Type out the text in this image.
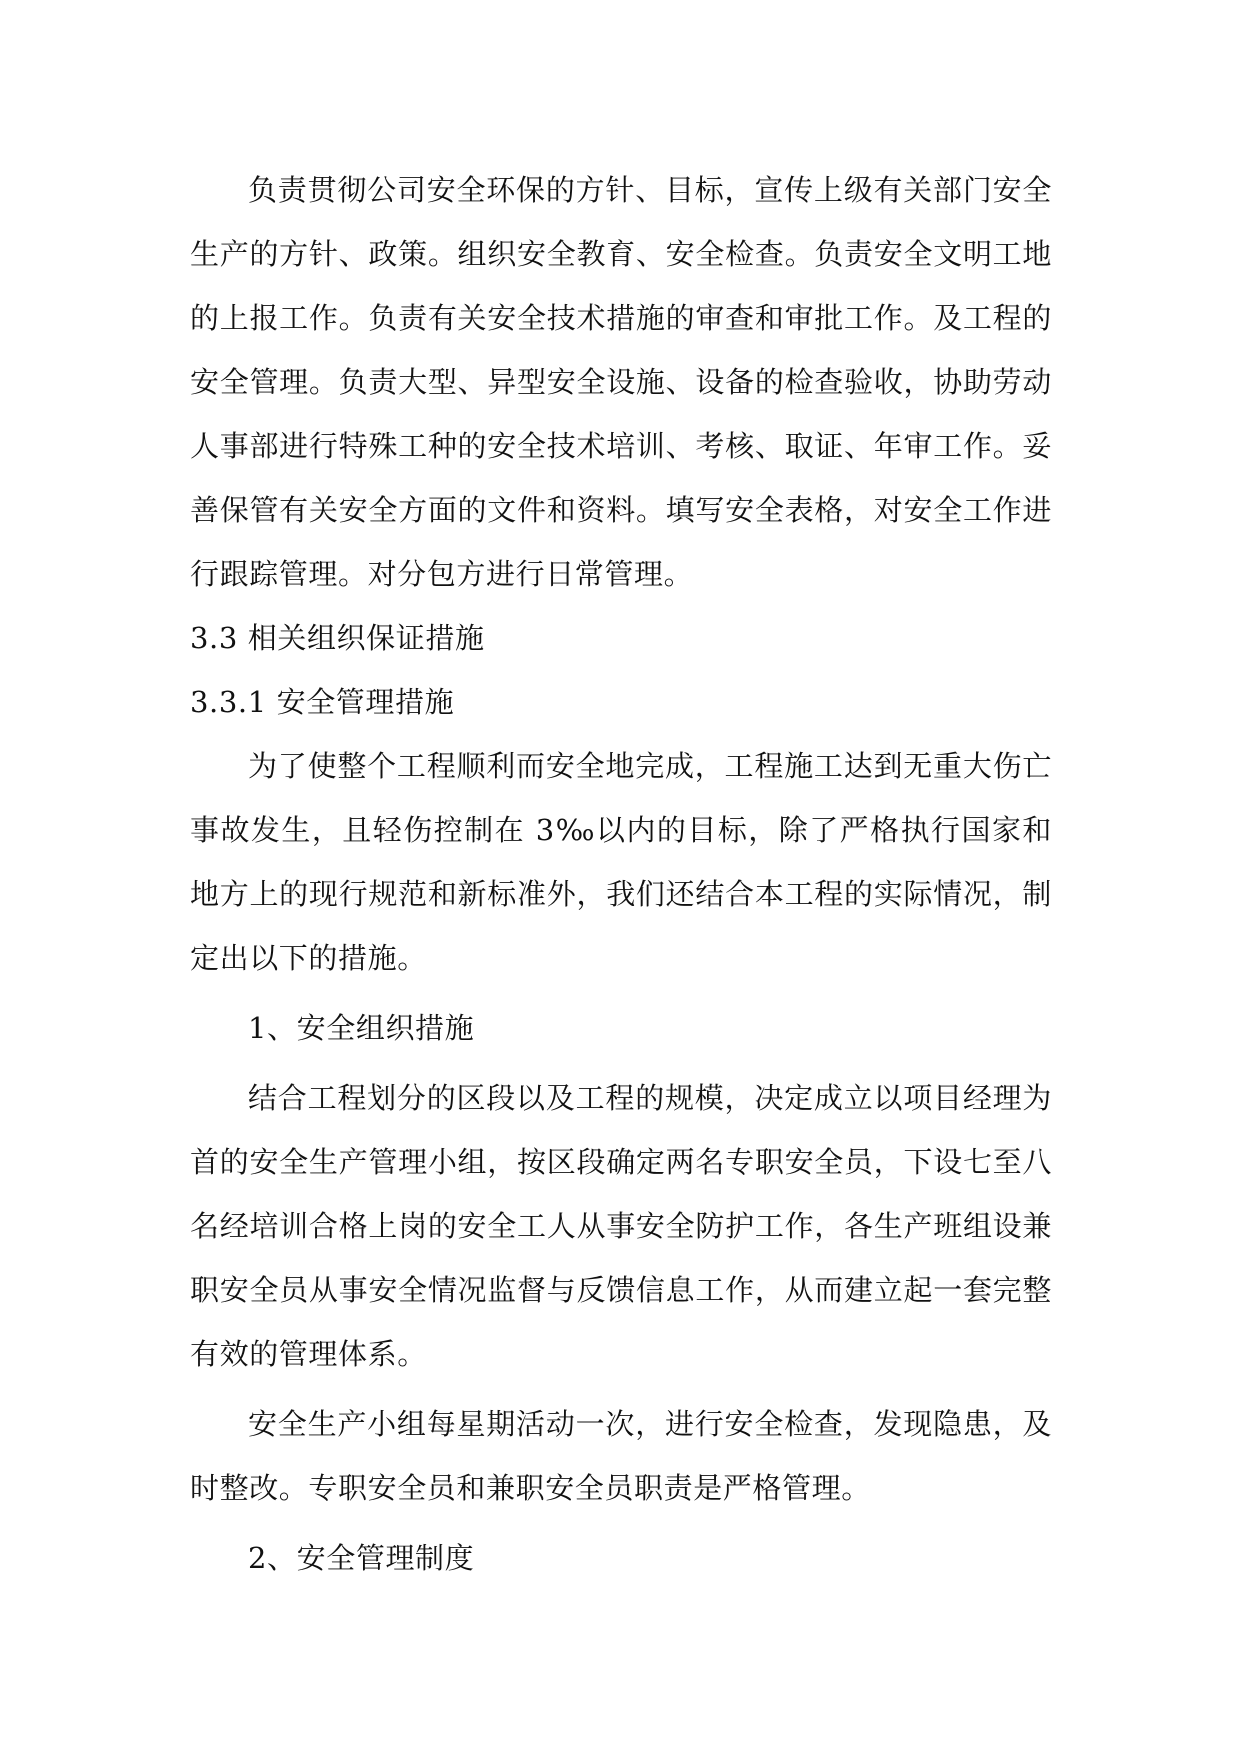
负责贯彻公司安全环保的方针、目标，宣传上级有关部门安全生产的方针、政策。组织安全教育、安全检查。负责安全文明工地的上报工作。负责有关安全技术措施的审查和审批工作。及工程的安全管理。负责大型、异型安全设施、设备的检查验收，协助劳动人事部进行特殊工种的安全技术培训、考核、取证、年审工作。妥善保管有关安全方面的文件和资料。填写安全表格，对安全工作进行跟踪管理。对分包方进行日常管理。

3.3 相关组织保证措施

3.3.1 安全管理措施

为了使整个工程顺利而安全地完成，工程施工达到无重大伤亡事故发生，且轻伤控制在 3‰以内的目标，除了严格执行国家和地方上的现行规范和新标准外，我们还结合本工程的实际情况，制定出以下的措施。

1、安全组织措施

结合工程划分的区段以及工程的规模，决定成立以项目经理为首的安全生产管理小组，按区段确定两名专职安全员，下设七至八名经培训合格上岗的安全工人从事安全防护工作，各生产班组设兼职安全员从事安全情况监督与反馈信息工作，从而建立起一套完整有效的管理体系。

安全生产小组每星期活动一次，进行安全检查，发现隐患，及时整改。专职安全员和兼职安全员职责是严格管理。

2、安全管理制度
